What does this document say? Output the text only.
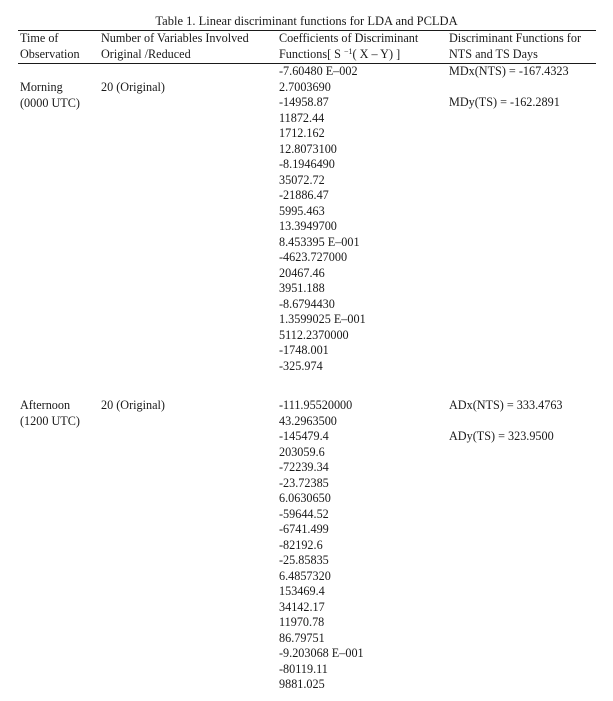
Table 1. Linear discriminant functions for LDA and PCLDA
Time of
Observation
Number of Variables Involved
Original /Reduced
Coefficients of Discriminant
Functions[ S $^{-1}$( X – Y) ]
Discriminant Functions for
NTS and TS Days
Morning
(0000 UTC)
20 (Original)
-7.60480 E–002
2.7003690
-14958.87
11872.44
1712.162
12.8073100
-8.1946490
35072.72
-21886.47
5995.463
13.3949700
8.453395 E–001
-4623.727000
20467.46
3951.188
-8.6794430
1.3599025 E–001
5112.2370000
-1748.001
-325.974
MDx(NTS) = -167.4323
MDy(TS) = -162.2891
Afternoon
(1200 UTC)
20 (Original)	-111.95520000
43.2963500
-145479.4
203059.6
-72239.34
-23.72385
6.0630650
-59644.52
-6741.499
-82192.6
-25.85835
6.4857320
153469.4
34142.17
11970.78
86.79751
-9.203068 E–001
-80119.11
9881.025
ADx(NTS) = 333.4763
ADy(TS) = 323.9500
